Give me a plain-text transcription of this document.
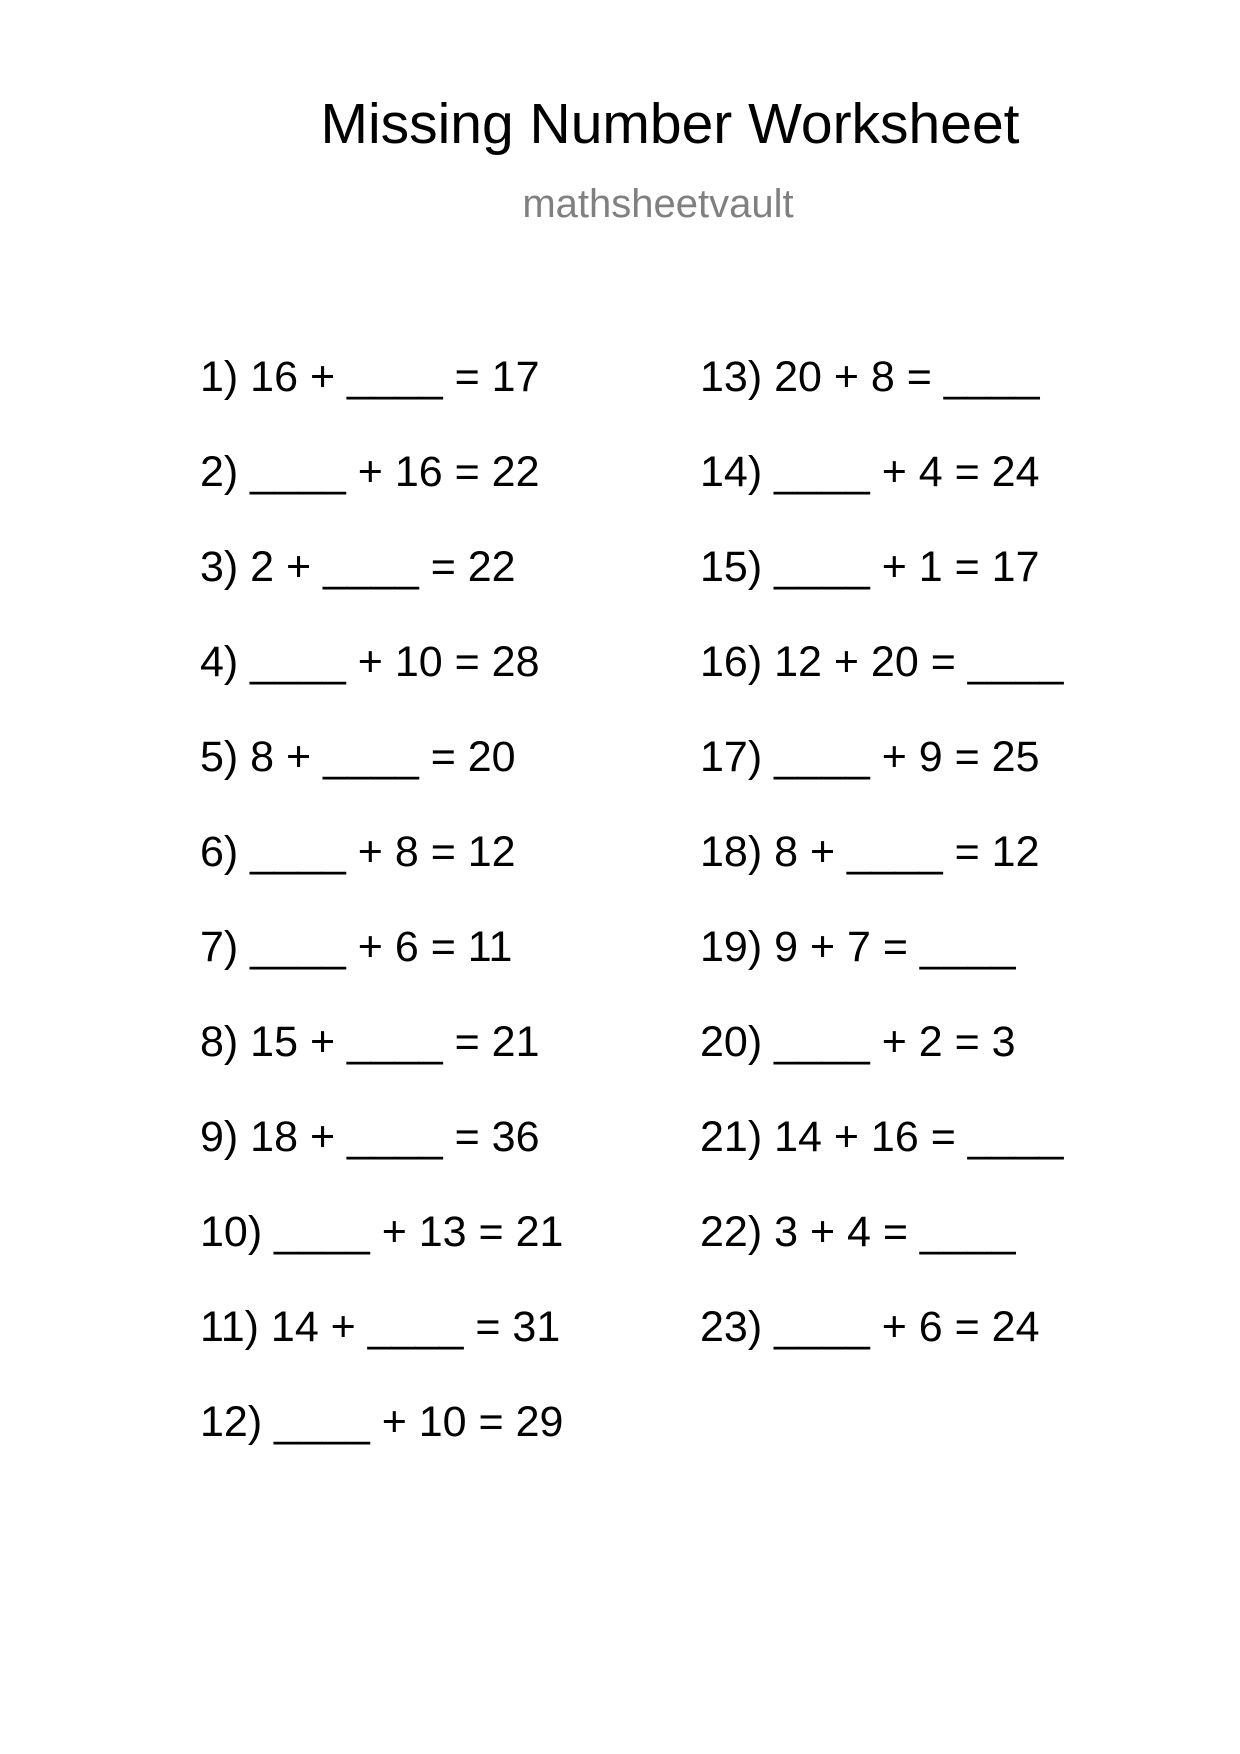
Missing Number Worksheet
mathsheetvault
1) 16 + ____ = 17
2) ____ + 16 = 22
3) 2 + ____ = 22
4) ____ + 10 = 28
5) 8 + ____ = 20
6) ____ + 8 = 12
7) ____ + 6 = 11
8) 15 + ____ = 21
9) 18 + ____ = 36
10) ____ + 13 = 21
11) 14 + ____ = 31
12) ____ + 10 = 29
13) 20 + 8 = ____
14) ____ + 4 = 24
15) ____ + 1 = 17
16) 12 + 20 = ____
17) ____ + 9 = 25
18) 8 + ____ = 12
19) 9 + 7 = ____
20) ____ + 2 = 3
21) 14 + 16 = ____
22) 3 + 4 = ____
23) ____ + 6 = 24
